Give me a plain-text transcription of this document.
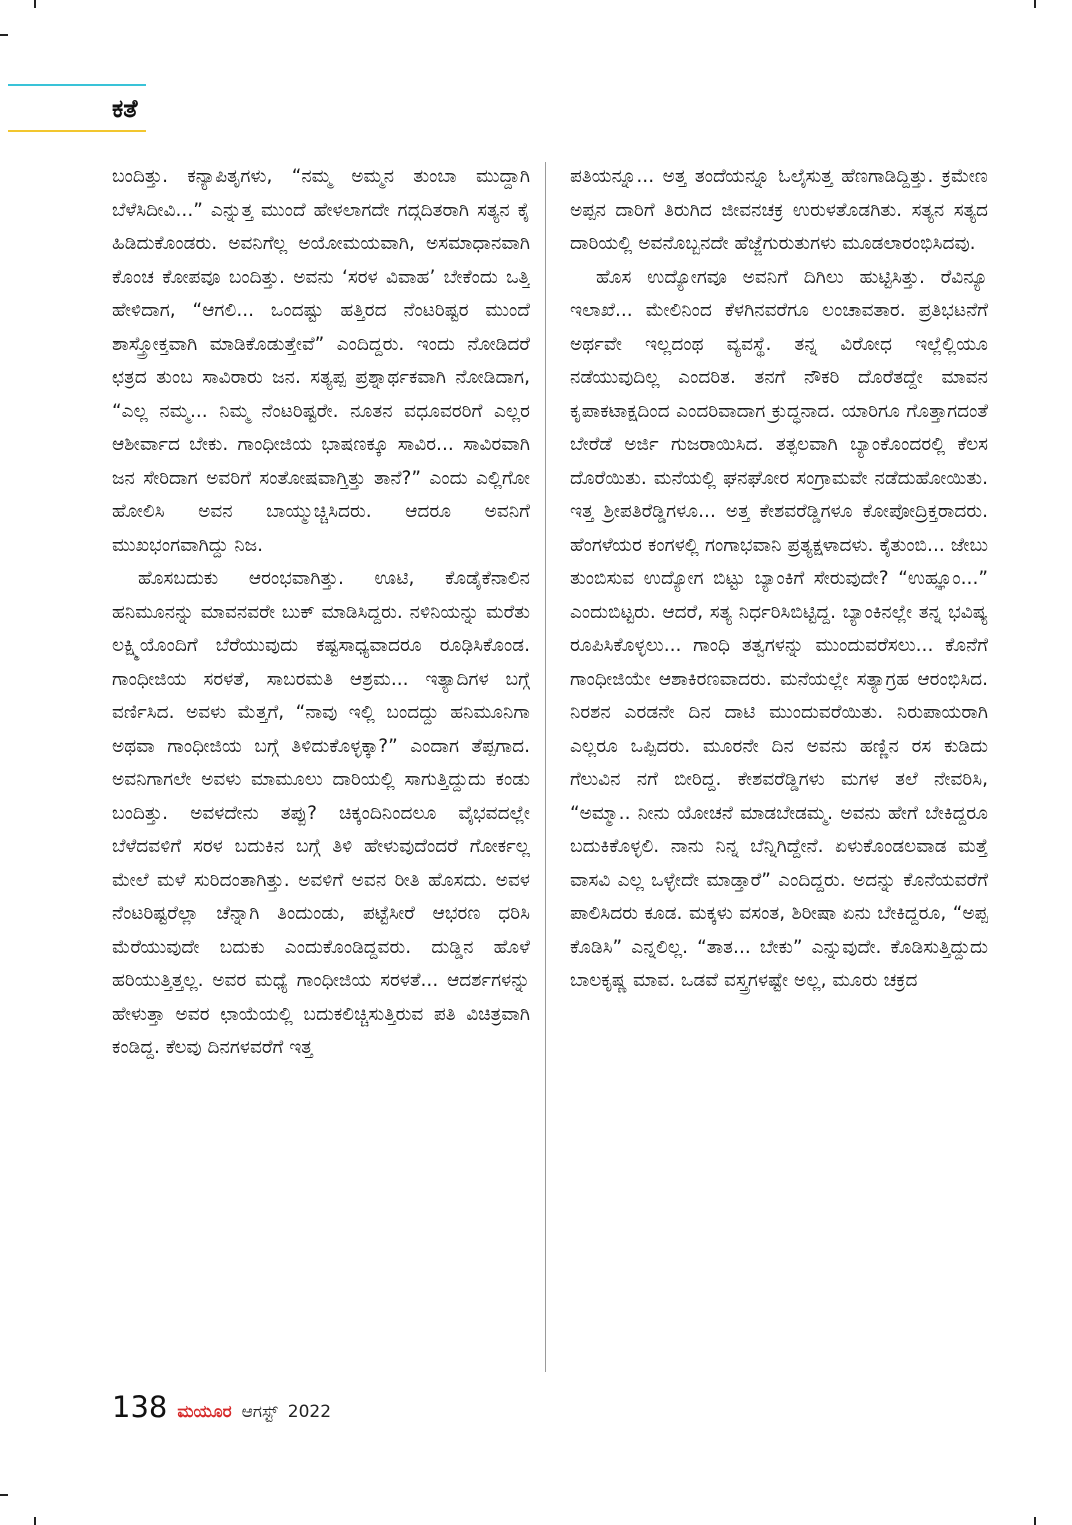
ಕತೆ

ಬಂದಿತ್ತು. ಕನ್ಯಾಪಿತೃಗಳು, “ನಮ್ಮ ಅಮ್ಮನ ತುಂಬಾ ಮುದ್ದಾಗಿ ಬೆಳೆಸಿದೀವಿ...” ಎನ್ನುತ್ತ ಮುಂದೆ ಹೇಳಲಾಗದೇ ಗದ್ಗದಿತರಾಗಿ ಸತ್ಯನ ಕೈ ಹಿಡಿದುಕೊಂಡರು. ಅವನಿಗೆಲ್ಲ ಅಯೋಮಯವಾಗಿ, ಅಸಮಾಧಾನವಾಗಿ ಕೊಂಚ ಕೋಪವೂ ಬಂದಿತ್ತು. ಅವನು ‘ಸರಳ ವಿವಾಹ’ ಬೇಕೆಂದು ಒತ್ತಿ ಹೇಳಿದಾಗ, “ಆಗಲಿ... ಒಂದಷ್ಟು ಹತ್ತಿರದ ನೆಂಟರಿಷ್ಟರ ಮುಂದೆ ಶಾಸ್ತ್ರೋಕ್ತವಾಗಿ ಮಾಡಿಕೊಡುತ್ತೇವೆ” ಎಂದಿದ್ದರು. ಇಂದು ನೋಡಿದರೆ ಛತ್ರದ ತುಂಬ ಸಾವಿರಾರು ಜನ. ಸತ್ಯಪ್ಪ ಪ್ರಶ್ನಾರ್ಥಕವಾಗಿ ನೋಡಿದಾಗ, “ಎಲ್ಲ ನಮ್ಮ... ನಿಮ್ಮ ನೆಂಟರಿಷ್ಟರೇ. ನೂತನ ವಧೂವರರಿಗೆ ಎಲ್ಲರ ಆಶೀರ್ವಾದ ಬೇಕು. ಗಾಂಧೀಜಿಯ ಭಾಷಣಕ್ಕೂ ಸಾವಿರ... ಸಾವಿರವಾಗಿ ಜನ ಸೇರಿದಾಗ ಅವರಿಗೆ ಸಂತೋಷವಾಗ್ತಿತ್ತು ತಾನೆ?” ಎಂದು ಎಲ್ಲಿಗೋ ಹೋಲಿಸಿ ಅವನ ಬಾಯ್ಮುಚ್ಚಿಸಿದರು. ಆದರೂ ಅವನಿಗೆ ಮುಖಭಂಗವಾಗಿದ್ದು ನಿಜ.

ಹೊಸಬದುಕು ಆರಂಭವಾಗಿತ್ತು. ಊಟಿ, ಕೊಡೈಕೆನಾಲಿನ ಹನಿಮೂನನ್ನು ಮಾವನವರೇ ಬುಕ್ ಮಾಡಿಸಿದ್ದರು. ನಳಿನಿಯನ್ನು ಮರೆತು ಲಕ್ಷ್ಮಿಯೊಂದಿಗೆ ಬೆರೆಯುವುದು ಕಷ್ಟಸಾಧ್ಯವಾದರೂ ರೂಢಿಸಿಕೊಂಡ. ಗಾಂಧೀಜಿಯ ಸರಳತೆ, ಸಾಬರಮತಿ ಆಶ್ರಮ... ಇತ್ಯಾದಿಗಳ ಬಗ್ಗೆ ವರ್ಣಿಸಿದ. ಅವಳು ಮೆತ್ತಗೆ, “ನಾವು ಇಲ್ಲಿ ಬಂದದ್ದು ಹನಿಮೂನಿಗಾ ಅಥವಾ ಗಾಂಧೀಜಿಯ ಬಗ್ಗೆ ತಿಳಿದುಕೊಳ್ಳಕ್ಕಾ?” ಎಂದಾಗ ತೆಪ್ಪಗಾದ. ಅವನಿಗಾಗಲೇ ಅವಳು ಮಾಮೂಲು ದಾರಿಯಲ್ಲಿ ಸಾಗುತ್ತಿದ್ದುದು ಕಂಡು ಬಂದಿತ್ತು. ಅವಳದೇನು ತಪ್ಪು? ಚಿಕ್ಕಂದಿನಿಂದಲೂ ವೈಭವದಲ್ಲೇ ಬೆಳೆದವಳಿಗೆ ಸರಳ ಬದುಕಿನ ಬಗ್ಗೆ ತಿಳಿ ಹೇಳುವುದೆಂದರೆ ಗೋರ್ಕಲ್ಲ ಮೇಲೆ ಮಳೆ ಸುರಿದಂತಾಗಿತ್ತು. ಅವಳಿಗೆ ಅವನ ರೀತಿ ಹೊಸದು. ಅವಳ ನೆಂಟರಿಷ್ಟರೆಲ್ಲಾ ಚೆನ್ನಾಗಿ ತಿಂದುಂಡು, ಪಟ್ಟೆಸೀರೆ ಆಭರಣ ಧರಿಸಿ ಮೆರೆಯುವುದೇ ಬದುಕು ಎಂದುಕೊಂಡಿದ್ದವರು. ದುಡ್ಡಿನ ಹೊಳೆ ಹರಿಯುತ್ತಿತ್ತಲ್ಲ. ಅವರ ಮಧ್ಯೆ ಗಾಂಧೀಜಿಯ ಸರಳತೆ... ಆದರ್ಶಗಳನ್ನು ಹೇಳುತ್ತಾ ಅವರ ಛಾಯೆಯಲ್ಲಿ ಬದುಕಲಿಚ್ಚಿಸುತ್ತಿರುವ ಪತಿ ವಿಚಿತ್ರವಾಗಿ ಕಂಡಿದ್ದ. ಕೆಲವು ದಿನಗಳವರೆಗೆ ಇತ್ತ

ಪತಿಯನ್ನೂ... ಅತ್ತ ತಂದೆಯನ್ನೂ ಓಲೈಸುತ್ತ ಹೆಣಗಾಡಿದ್ದಿತ್ತು. ಕ್ರಮೇಣ ಅಪ್ಪನ ದಾರಿಗೆ ತಿರುಗಿದ ಜೀವನಚಕ್ರ ಉರುಳತೊಡಗಿತು. ಸತ್ಯನ ಸತ್ಯದ ದಾರಿಯಲ್ಲಿ ಅವನೊಬ್ಬನದೇ ಹೆಜ್ಜೆಗುರುತುಗಳು ಮೂಡಲಾರಂಭಿಸಿದವು.

ಹೊಸ ಉದ್ಯೋಗವೂ ಅವನಿಗೆ ದಿಗಿಲು ಹುಟ್ಟಿಸಿತ್ತು. ರೆವಿನ್ಯೂ ಇಲಾಖೆ... ಮೇಲಿನಿಂದ ಕೆಳಗಿನವರೆಗೂ ಲಂಚಾವತಾರ. ಪ್ರತಿಭಟನೆಗೆ ಅರ್ಥವೇ ಇಲ್ಲದಂಥ ವ್ಯವಸ್ಥೆ. ತನ್ನ ವಿರೋಧ ಇಲ್ಲೆಲ್ಲಿಯೂ ನಡೆಯುವುದಿಲ್ಲ ಎಂದರಿತ. ತನಗೆ ನೌಕರಿ ದೊರೆತದ್ದೇ ಮಾವನ ಕೃಪಾಕಟಾಕ್ಷದಿಂದ ಎಂದರಿವಾದಾಗ ಕ್ರುದ್ಧನಾದ. ಯಾರಿಗೂ ಗೊತ್ತಾಗದಂತೆ ಬೇರೆಡೆ ಅರ್ಜಿ ಗುಜರಾಯಿಸಿದ. ತತ್ಫಲವಾಗಿ ಬ್ಯಾಂಕೊಂದರಲ್ಲಿ ಕೆಲಸ ದೊರೆಯಿತು. ಮನೆಯಲ್ಲಿ ಘನಘೋರ ಸಂಗ್ರಾಮವೇ ನಡೆದುಹೋಯಿತು. ಇತ್ತ ಶ್ರೀಪತಿರೆಡ್ಡಿಗಳೂ... ಅತ್ತ ಕೇಶವರೆಡ್ಡಿಗಳೂ ಕೋಪೋದ್ರಿಕ್ತರಾದರು. ಹೆಂಗಳೆಯರ ಕಂಗಳಲ್ಲಿ ಗಂಗಾಭವಾನಿ ಪ್ರತ್ಯಕ್ಷಳಾದಳು. ಕೈತುಂಬಿ... ಜೇಬು ತುಂಬಿಸುವ ಉದ್ಯೋಗ ಬಿಟ್ಟು ಬ್ಯಾಂಕಿಗೆ ಸೇರುವುದೇ? “ಉಹ್ಞೂಂ...” ಎಂದುಬಿಟ್ಟರು. ಆದರೆ, ಸತ್ಯ ನಿರ್ಧರಿಸಿಬಿಟ್ಟಿದ್ದ. ಬ್ಯಾಂಕಿನಲ್ಲೇ ತನ್ನ ಭವಿಷ್ಯ ರೂಪಿಸಿಕೊಳ್ಳಲು... ಗಾಂಧಿ ತತ್ವಗಳನ್ನು ಮುಂದುವರೆಸಲು... ಕೊನೆಗೆ ಗಾಂಧೀಜಿಯೇ ಆಶಾಕಿರಣವಾದರು. ಮನೆಯಲ್ಲೇ ಸತ್ಯಾಗ್ರಹ ಆರಂಭಿಸಿದ. ನಿರಶನ ಎರಡನೇ ದಿನ ದಾಟಿ ಮುಂದುವರೆಯಿತು. ನಿರುಪಾಯರಾಗಿ ಎಲ್ಲರೂ ಒಪ್ಪಿದರು. ಮೂರನೇ ದಿನ ಅವನು ಹಣ್ಣಿನ ರಸ ಕುಡಿದು ಗೆಲುವಿನ ನಗೆ ಬೀರಿದ್ದ. ಕೇಶವರೆಡ್ಡಿಗಳು ಮಗಳ ತಲೆ ನೇವರಿಸಿ, “ಅಮ್ಮಾ.. ನೀನು ಯೋಚನೆ ಮಾಡಬೇಡಮ್ಮ. ಅವನು ಹೇಗೆ ಬೇಕಿದ್ದರೂ ಬದುಕಿಕೊಳ್ಳಲಿ. ನಾನು ನಿನ್ನ ಬೆನ್ನಿಗಿದ್ದೇನೆ. ಏಳುಕೊಂಡಲವಾಡ ಮತ್ತೆ ವಾಸವಿ ಎಲ್ಲ ಒಳ್ಳೇದೇ ಮಾಡ್ತಾರೆ” ಎಂದಿದ್ದರು. ಅದನ್ನು ಕೊನೆಯವರೆಗೆ ಪಾಲಿಸಿದರು ಕೂಡ. ಮಕ್ಕಳು ವಸಂತ, ಶಿರೀಷಾ ಏನು ಬೇಕಿದ್ದರೂ, “ಅಪ್ಪ ಕೊಡಿಸಿ” ಎನ್ನಲಿಲ್ಲ. “ತಾತ... ಬೇಕು” ಎನ್ನುವುದೇ. ಕೊಡಿಸುತ್ತಿದ್ದುದು ಬಾಲಕೃಷ್ಣ ಮಾವ. ಒಡವೆ ವಸ್ತ್ರಗಳಷ್ಟೇ ಅಲ್ಲ, ಮೂರು ಚಕ್ರದ

138 ಮಯೂರ ಆಗಸ್ಟ್ 2022
